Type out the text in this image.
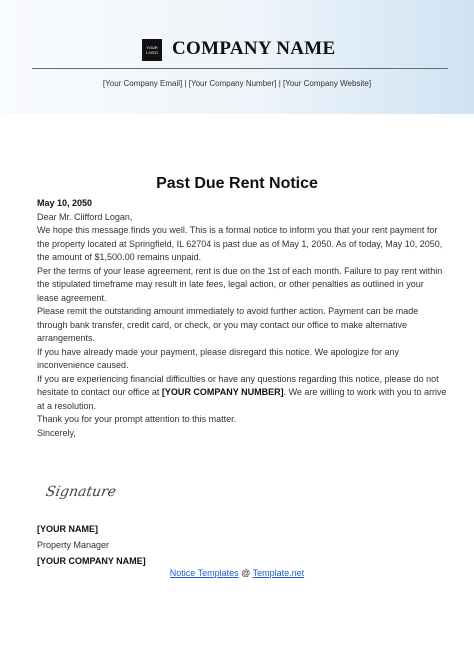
YOUR
LOGO COMPANY NAME
[Your Company Email] | [Your Company Number] | [Your Company Website]
Past Due Rent Notice

May 10, 2050

Dear Mr. Clifford Logan,

We hope this message finds you well. This is a formal notice to inform you that your rent payment for the property located at Springfield, IL 62704 is past due as of May 1, 2050. As of today, May 10, 2050, the amount of $1,500.00 remains unpaid.

Per the terms of your lease agreement, rent is due on the 1st of each month. Failure to pay rent within the stipulated timeframe may result in late fees, legal action, or other penalties as outlined in your lease agreement.

Please remit the outstanding amount immediately to avoid further action. Payment can be made through bank transfer, credit card, or check, or you may contact our office to make alternative arrangements.

If you have already made your payment, please disregard this notice. We apologize for any inconvenience caused.

If you are experiencing financial difficulties or have any questions regarding this notice, please do not hesitate to contact our office at [YOUR COMPANY NUMBER]. We are willing to work with you to arrive at a resolution.

Thank you for your prompt attention to this matter.

Sincerely,

Signature

[YOUR NAME]

Property Manager

[YOUR COMPANY NAME]

Notice Templates @ Template.net
